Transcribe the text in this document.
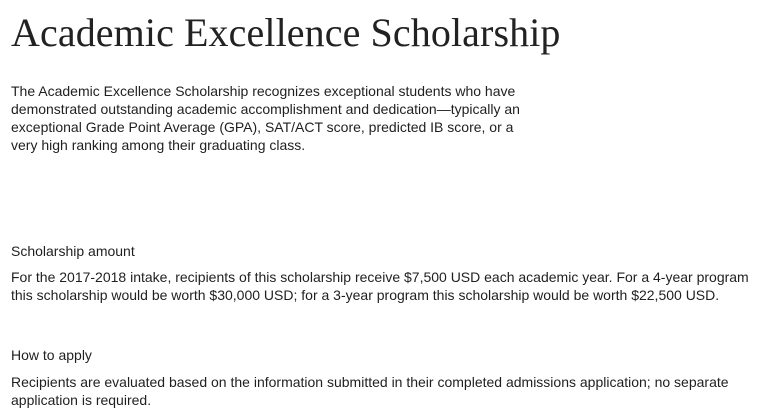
Academic Excellence Scholarship

The Academic Excellence Scholarship recognizes exceptional students who have demonstrated outstanding academic accomplishment and dedication—typically an exceptional Grade Point Average (GPA), SAT/ACT score, predicted IB score, or a very high ranking among their graduating class.

Scholarship amount

For the 2017-2018 intake, recipients of this scholarship receive $7,500 USD each academic year. For a 4-year program this scholarship would be worth $30,000 USD; for a 3-year program this scholarship would be worth $22,500 USD.

How to apply

Recipients are evaluated based on the information submitted in their completed admissions application; no separate application is required.
